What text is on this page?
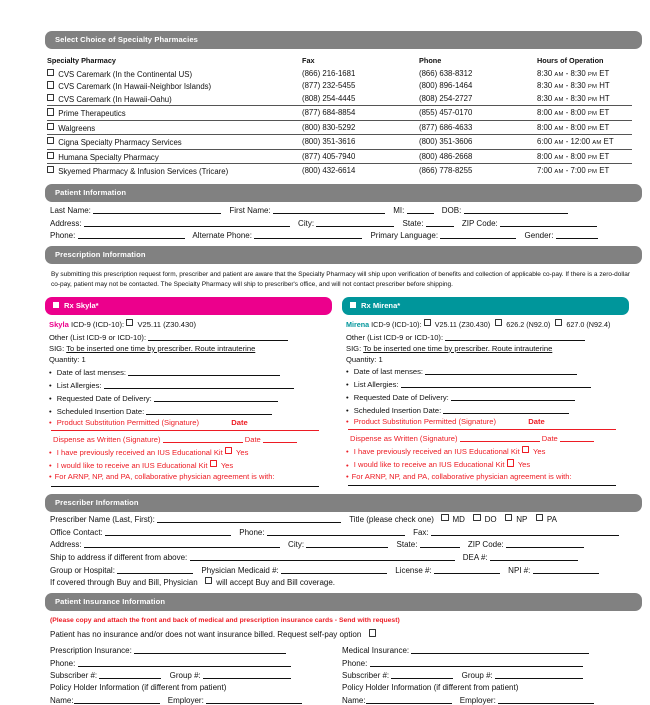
Select Choice of Specialty Pharmacies
Specialty Pharmacy	Fax	Phone	Hours of Operation
CVS Caremark (In the Continental US)	(866) 216-1681	(866) 638-8312	8:30 AM - 8:30 PM ET
CVS Caremark (In Hawaii-Neighbor Islands)	(877) 232-5455	(800) 896-1464	8:30 AM - 8:30 PM HT
CVS Caremark (In Hawaii-Oahu)	(808) 254-4445	(808) 254-2727	8:30 AM - 8:30 PM HT
Prime Therapeutics	(877) 684-8854	(855) 457-0170	8:00 AM - 8:00 PM ET
Walgreens	(800) 830-5292	(877) 686-4633	8:00 AM - 8:00 PM ET
Cigna Specialty Pharmacy Services	(800) 351-3616	(800) 351-3606	6:00 AM - 12:00 AM ET
Humana Specialty Pharmacy	(877) 405-7940	(800) 486-2668	8:00 AM - 8:00 PM ET
Skyemed Pharmacy & Infusion Services (Tricare)	(800) 432-6614	(866) 778-8255	7:00 AM - 7:00 PM ET
Patient Information
Last Name:	First Name:	MI:	DOB:
Address:	City:	State:	ZIP Code:
Phone:	Alternate Phone:	Primary Language:	Gender:
Prescription Information
By submitting this prescription request form, prescriber and patient are aware that the Specialty Pharmacy will ship upon verification of benefits and collection of applicable co-pay. If there is a zero-dollar co-pay, patient may not be contacted. The Specialty Pharmacy will ship to prescriber's office, and will not contact prescriber before shipping.
Rx Skyla*
Skyla ICD-9 (ICD-10): V25.11 (Z30.430)
Other (List ICD-9 or ICD-10):
SIG: To be inserted one time by prescriber. Route intrauterine
Quantity: 1
• Date of last menses:
• List Allergies:
• Requested Date of Delivery:
• Scheduled Insertion Date:
• Product Substitution Permitted (Signature)	Date
Dispense as Written (Signature)	Date
• I have previously received an IUS Educational Kit Yes
• I would like to receive an IUS Educational Kit Yes
• For ARNP, NP, and PA, collaborative physician agreement is with:
Rx Mirena*
Mirena ICD-9 (ICD-10): V25.11 (Z30.430) 626.2 (N92.0) 627.0 (N92.4)
Other (List ICD-9 or ICD-10):
SIG: To be inserted one time by prescriber. Route intrauterine
Quantity: 1
• Date of last menses:
• List Allergies:
• Requested Date of Delivery:
• Scheduled Insertion Date:
• Product Substitution Permitted (Signature)	Date
Dispense as Written (Signature)	Date
• I have previously received an IUS Educational Kit Yes
• I would like to receive an IUS Educational Kit Yes
• For ARNP, NP, and PA, collaborative physician agreement is with:
Prescriber Information
Prescriber Name (Last, First):	Title (please check one) MD DO NP PA
Office Contact:	Phone:	Fax:
Address:	City:	State:	ZIP Code:
Ship to address if different from above:	DEA #:
Group or Hospital:	Physician Medicaid #:	License #:	NPI #:
If covered through Buy and Bill, Physician will accept Buy and Bill coverage.
Patient Insurance Information
(Please copy and attach the front and back of medical and prescription insurance cards - Send with request)
Patient has no insurance and/or does not want insurance billed. Request self-pay option
Prescription Insurance:
Phone:
Subscriber #:	Group #:
Policy Holder Information (if different from patient)
Name:	Employer:
Medical Insurance:
Phone:
Subscriber #:	Group #:
Policy Holder Information (if different from patient)
Name:	Employer:
